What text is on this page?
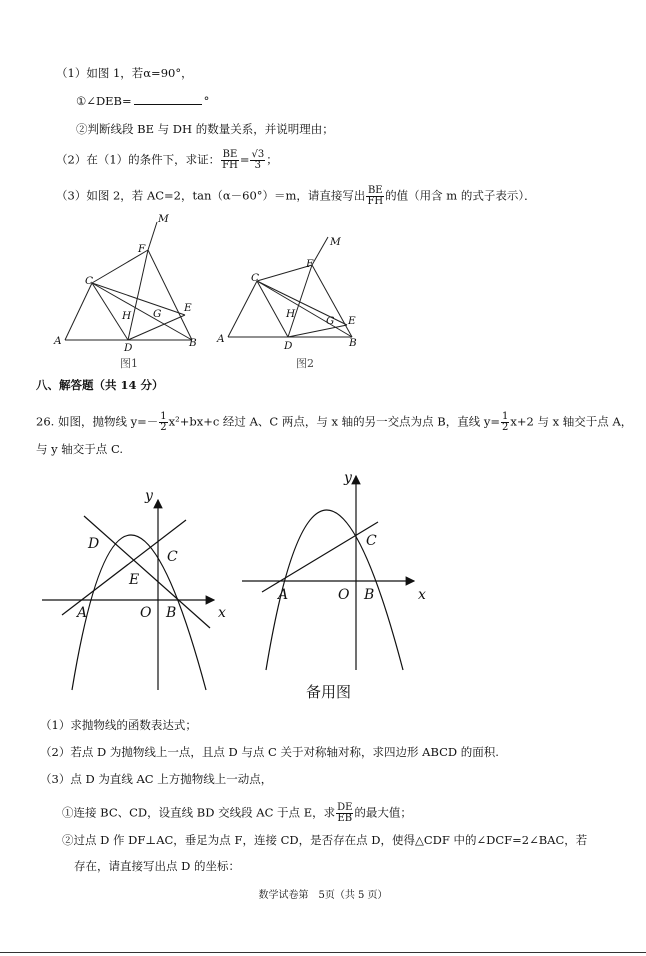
（1）如图 1，若α=90°，
①∠DEB=	°
②判断线段 BE 与 DH 的数量关系，并说明理由；
（2）在（1）的条件下，求证： $\frac{BE}{FH} = \frac{√3}{3}$ ；
（3）如图 2，若 AC=2，tan（α－60°）＝m，请直接写出 $\frac{BE}{FH}$ 的值（用含 m 的式子表示）．
M
F
C
H G E
A
D	B
图1
M
F
C
H
G E
A
D	B
图2
八、解答题（共 14 分）
26. 如图，抛物线 $y=- \frac{1}{2} x^2+bx+c$ 经过 A、C 两点，与 x 轴的另一交点为点 B，直线 $y= \frac{1}{2} x+2$ 与 x 轴交于点 A，
与 y 轴交于点 C.
y
x
D
C
E
A	O B
y
x
C
A	O B
备用图
（1）求抛物线的函数表达式；
（2）若点 D 为抛物线上一点，且点 D 与点 C 关于对称轴对称，求四边形 ABCD 的面积.
（3）点 D 为直线 AC 上方抛物线上一动点，
①连接 BC、CD，设直线 BD 交线段 AC 于点 E，求 $\frac{DE}{EB}$ 的最大值；
②过点 D 作 DF⊥AC，垂足为点 F，连接 CD，是否存在点 D，使得△CDF 中的∠DCF=2∠BAC，若
存在，请直接写出点 D 的坐标：
数学试卷第　5页（共 5 页）
